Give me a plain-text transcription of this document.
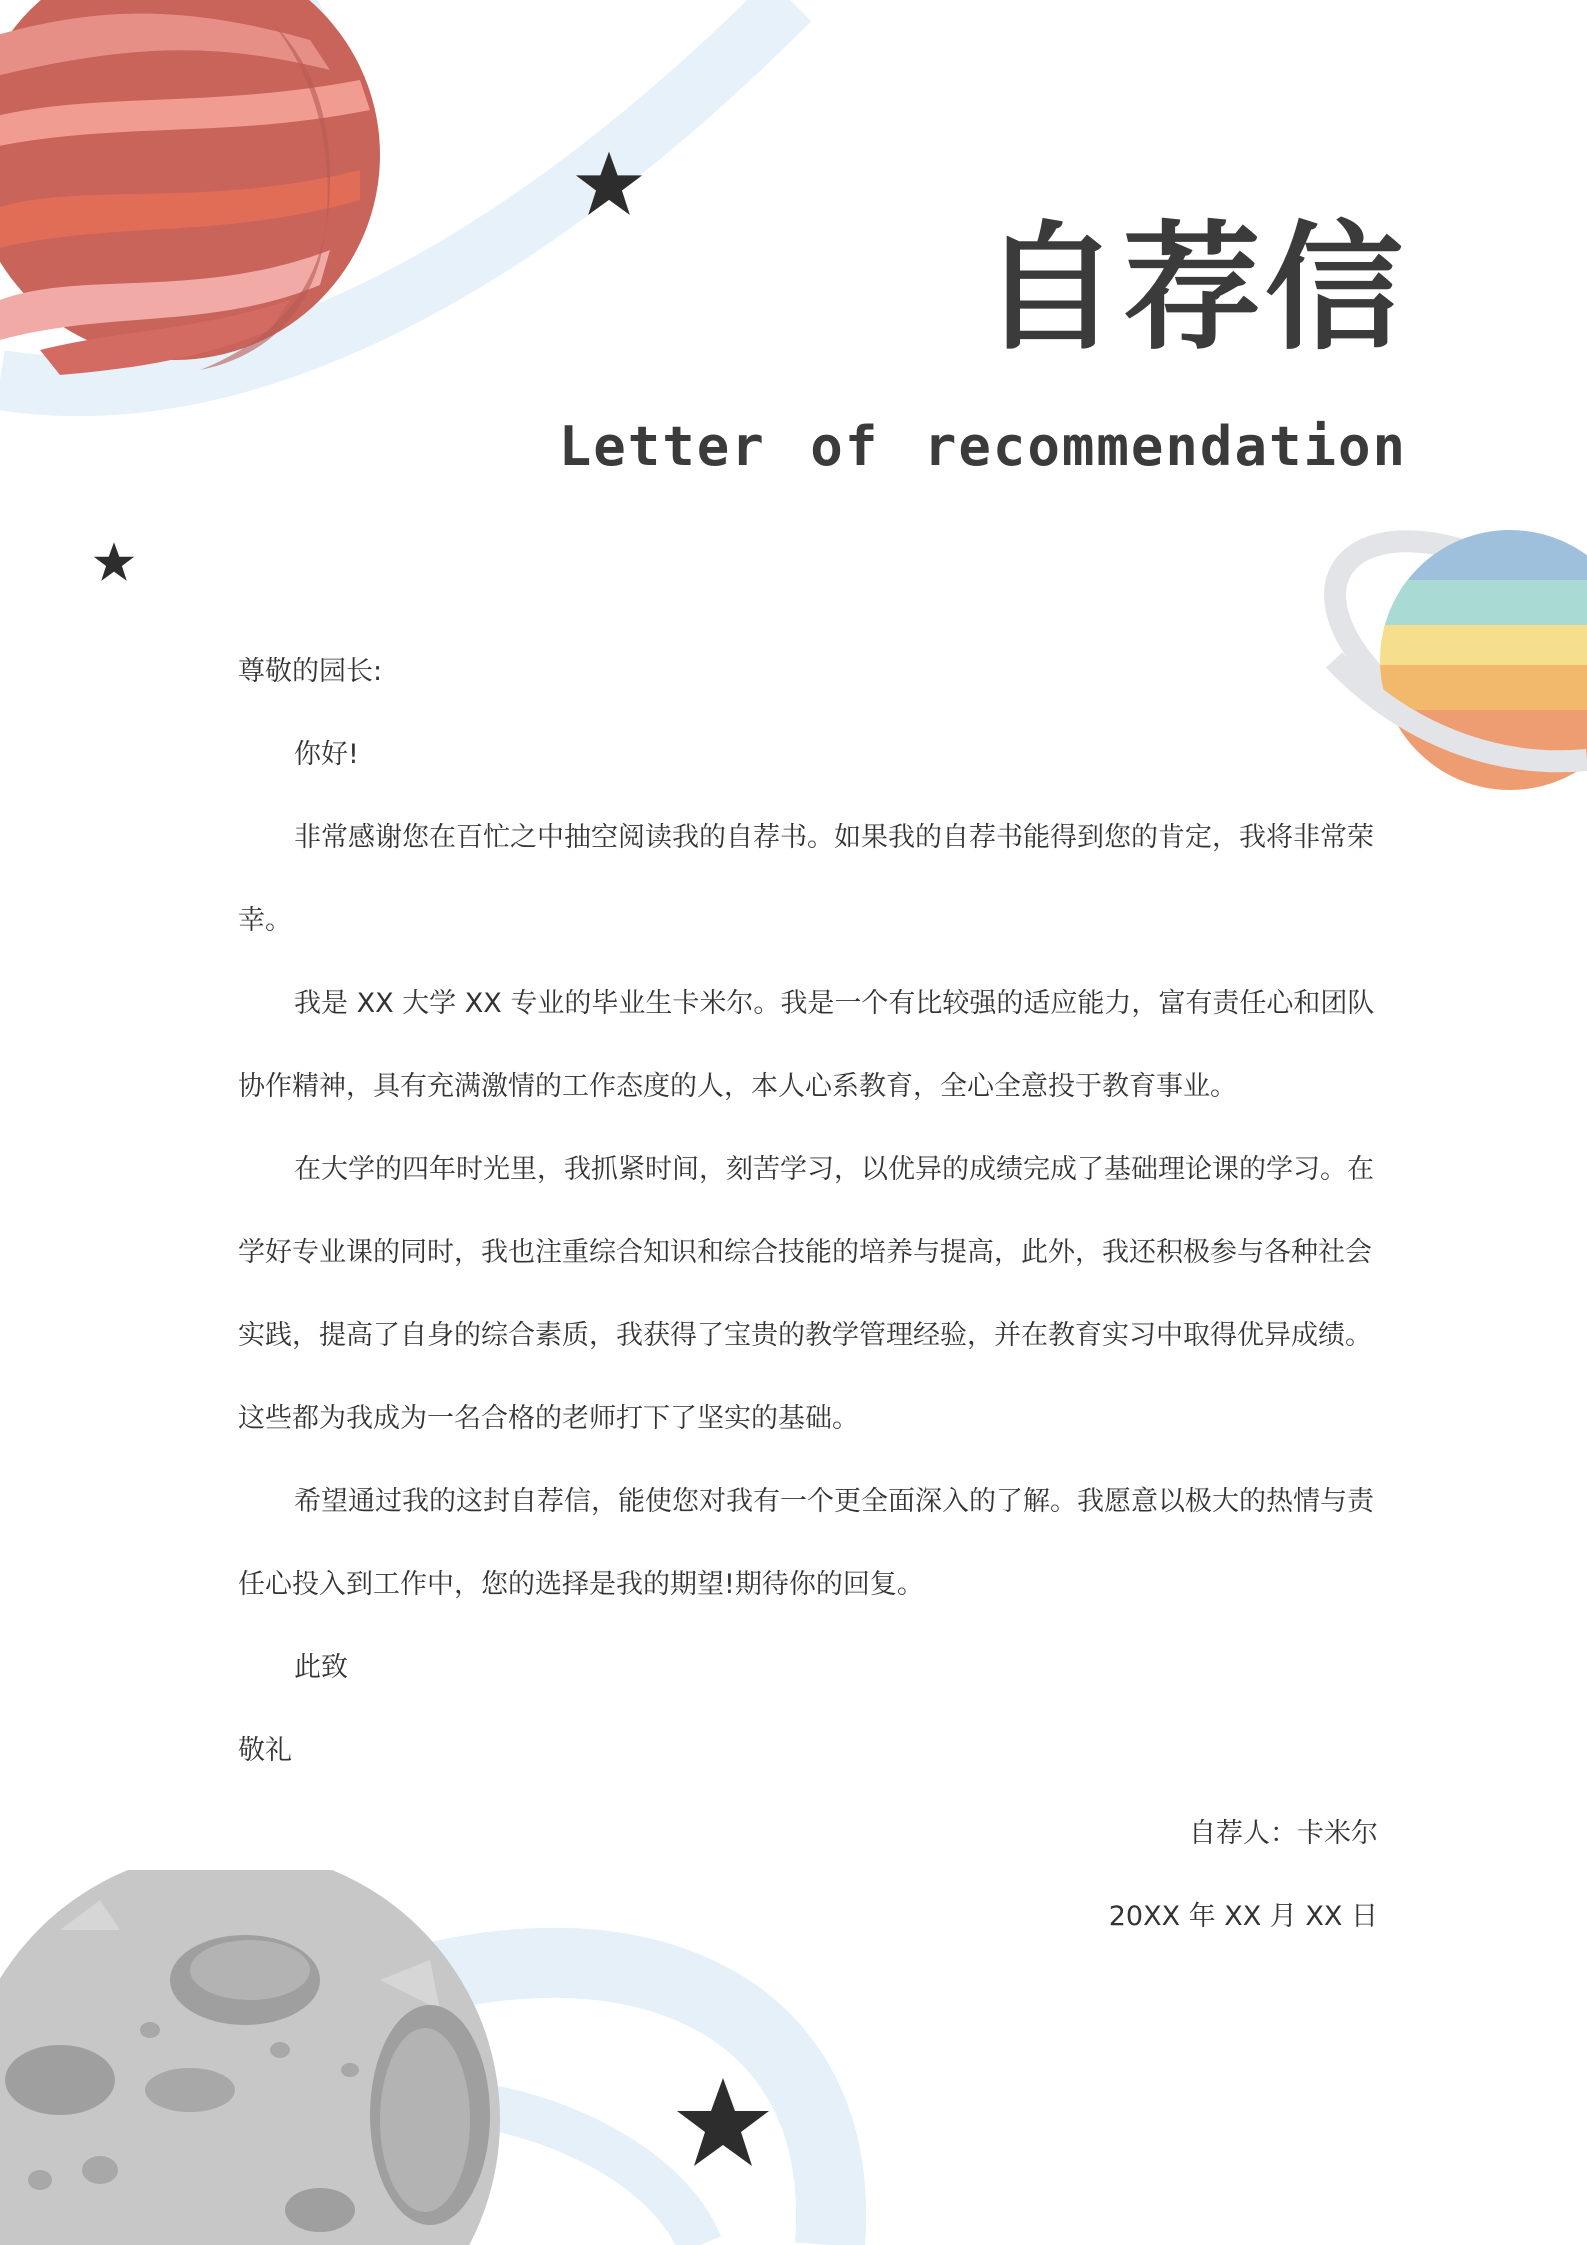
自荐信
Letter of recommendation

尊敬的园长:

你好!

非常感谢您在百忙之中抽空阅读我的自荐书。如果我的自荐书能得到您的肯定，我将非常荣幸。

我是 XX 大学 XX 专业的毕业生卡米尔。我是一个有比较强的适应能力，富有责任心和团队协作精神，具有充满激情的工作态度的人，本人心系教育，全心全意投于教育事业。

在大学的四年时光里，我抓紧时间，刻苦学习，以优异的成绩完成了基础理论课的学习。在学好专业课的同时，我也注重综合知识和综合技能的培养与提高，此外，我还积极参与各种社会实践，提高了自身的综合素质，我获得了宝贵的教学管理经验，并在教育实习中取得优异成绩。这些都为我成为一名合格的老师打下了坚实的基础。

希望通过我的这封自荐信，能使您对我有一个更全面深入的了解。我愿意以极大的热情与责任心投入到工作中，您的选择是我的期望!期待你的回复。

此致

敬礼

自荐人：卡米尔

20XX 年 XX 月 XX 日
